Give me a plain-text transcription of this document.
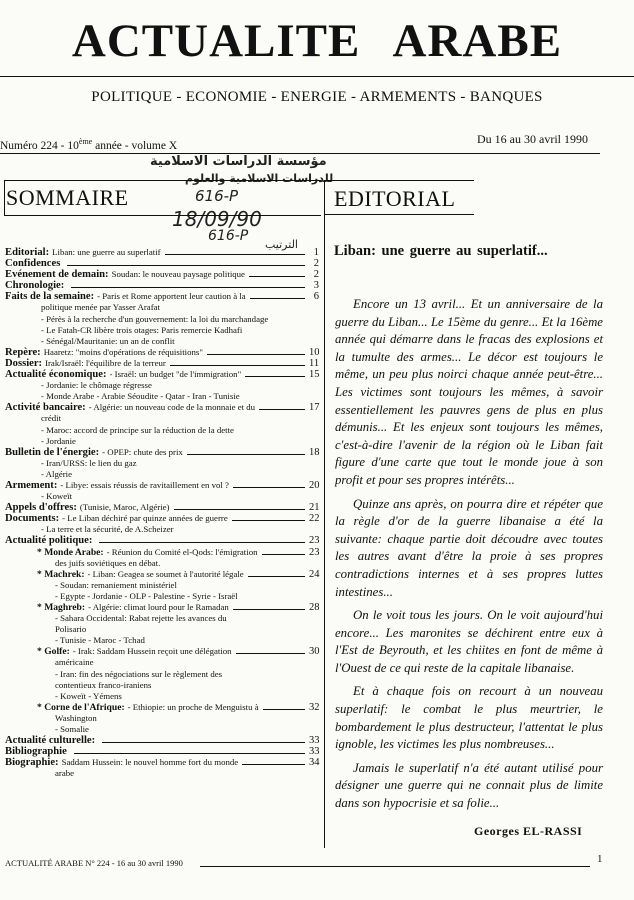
ACTUALITE ARABE
POLITIQUE - ECONOMIE - ENERGIE - ARMEMENTS - BANQUES
Numéro 224 - 10ème année - volume X	Du 16 au 30 avril 1990
مؤسسة الدراسات الاسلامية
للدراسات الاسلامية والعلوم
616-P
18/09/90
616-P
الترتيب
SOMMAIRE	EDITORIAL
Editorial: Liban: une guerre au superlatif	1
Confidences	2
Evénement de demain: Soudan: le nouveau paysage politique	2
Chronologie:	3
Faits de la semaine: - Paris et Rome apportent leur caution à la	6
politique menée par Yasser Arafat
- Pérès à la recherche d'un gouvernement: la loi du marchandage
- Le Fatah-CR libère trois otages: Paris remercie Kadhafi
- Sénégal/Mauritanie: un an de conflit
Repère: Haaretz: "moins d'opérations de réquisitions"	10
Dossier: Irak/Israël: l'équilibre de la terreur	11
Actualité économique: - Israël: un budget "de l'immigration"	15
- Jordanie: le chômage régresse
- Monde Arabe - Arabie Séoudite - Qatar - Iran - Tunisie
Activité bancaire: - Algérie: un nouveau code de la monnaie et du	17
crédit
- Maroc: accord de principe sur la réduction de la dette
- Jordanie
Bulletin de l'énergie: - OPEP: chute des prix	18
- Iran/URSS: le lien du gaz
- Algérie
Armement: - Libye: essais réussis de ravitaillement en vol ?	20
- Koweït
Appels d'offres: (Tunisie, Maroc, Algérie)	21
Documents: - Le Liban déchiré par quinze années de guerre	22
- La terre et la sécurité, de A.Scheizer
Actualité politique:	23
* Monde Arabe: - Réunion du Comité el-Qods: l'émigration	23
des juifs soviétiques en débat.
* Machrek: - Liban: Geagea se soumet à l'autorité légale	24
- Soudan: remaniement ministériel
- Egypte - Jordanie - OLP - Palestine - Syrie - Israël
* Maghreb: - Algérie: climat lourd pour le Ramadan	28
- Sahara Occidental: Rabat rejette les avances du
Polisario
- Tunisie - Maroc - Tchad
* Golfe: - Irak: Saddam Hussein reçoit une délégation	30
américaine
- Iran: fin des négociations sur le règlement des
contentieux franco-iraniens
- Koweït - Yémens
* Corne de l'Afrique: - Ethiopie: un proche de Menguistu à	32
Washington
- Somalie
Actualité culturelle:	33
Bibliographie	33
Biographie: Saddam Hussein: le nouvel homme fort du monde	34
arabe
Liban: une guerre au superlatif...

Encore un 13 avril... Et un anniversaire de la guerre du Liban... Le 15ème du genre... Et la 16ème année qui démarre dans le fracas des explosions et la tumulte des armes... Le décor est toujours le même, un peu plus noirci chaque année peut-être... Les victimes sont toujours les mêmes, à savoir essentiellement les pauvres gens de plus en plus démunis... Et les enjeux sont toujours les mêmes, c'est-à-dire l'avenir de la région où le Liban fait figure d'une carte que tout le monde joue à son profit et pour ses propres intérêts...

Quinze ans après, on pourra dire et répéter que la règle d'or de la guerre libanaise a été la suivante: chaque partie doit découdre avec toutes les autres avant d'être la proie à ses propres contradictions internes et à ses propres luttes intestines...

On le voit tous les jours. On le voit aujourd'hui encore... Les maronites se déchirent entre eux à l'Est de Beyrouth, et les chiites en font de même à l'Ouest de ce qui reste de la capitale libanaise.

Et à chaque fois on recourt à un nouveau superlatif: le combat le plus meurtrier, le bombardement le plus destructeur, l'attentat le plus ignoble, les victimes les plus nombreuses...

Jamais le superlatif n'a été autant utilisé pour désigner une guerre qui ne connait plus de limite dans son hypocrisie et sa folie...

Georges EL-RASSI
ACTUALITÉ ARABE N° 224 - 16 au 30 avril 1990	1
